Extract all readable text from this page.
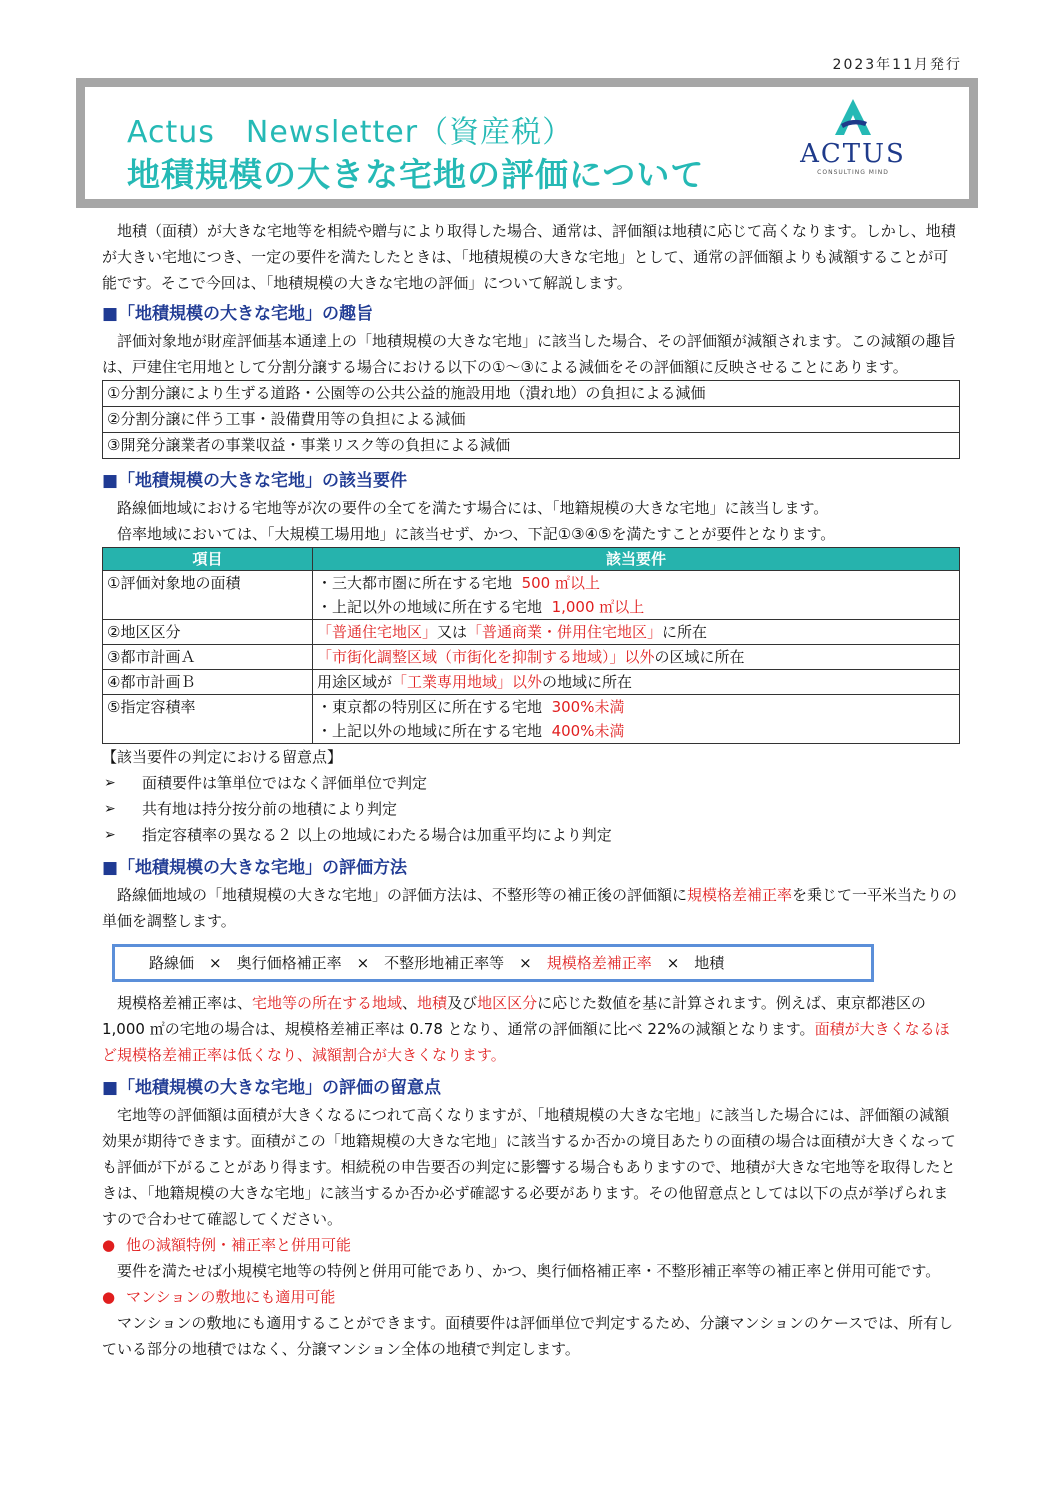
2023年11月発行
Actus　Newsletter（資産税）
地積規模の大きな宅地の評価について
ACTUS
CONSULTING MIND

地積（面積）が大きな宅地等を相続や贈与により取得した場合、通常は、評価額は地積に応じて高くなります。しかし、地積が大きい宅地につき、一定の要件を満たしたときは、「地積規模の大きな宅地」として、通常の評価額よりも減額することが可能です。そこで今回は、「地積規模の大きな宅地の評価」について解説します。

■「地積規模の大きな宅地」の趣旨

評価対象地が財産評価基本通達上の「地積規模の大きな宅地」に該当した場合、その評価額が減額されます。この減額の趣旨は、戸建住宅用地として分割分譲する場合における以下の①～③による減価をその評価額に反映させることにあります。

①分割分譲により生ずる道路・公園等の公共公益的施設用地（潰れ地）の負担による減価
②分割分譲に伴う工事・設備費用等の負担による減価
③開発分譲業者の事業収益・事業リスク等の負担による減価
■「地積規模の大きな宅地」の該当要件

路線価地域における宅地等が次の要件の全てを満たす場合には、「地籍規模の大きな宅地」に該当します。

倍率地域においては、「大規模工場用地」に該当せず、かつ、下記①③④⑤を満たすことが要件となります。

項目	該当要件
①評価対象地の面積	・三大都市圏に所在する宅地 500 ㎡以上
・上記以外の地域に所在する宅地 1,000 ㎡以上

②地区区分	「普通住宅地区」又は「普通商業・併用住宅地区」に所在
③都市計画Ａ	「市街化調整区域（市街化を抑制する地域）」以外の区域に所在
④都市計画Ｂ	用途区域が「工業専用地域」以外の地域に所在
⑤指定容積率	・東京都の特別区に所在する宅地 300%未満
・上記以外の地域に所在する宅地 400%未満

【該当要件の判定における留意点】

➢ 面積要件は筆単位ではなく評価単位で判定
➢ 共有地は持分按分前の地積により判定
➢ 指定容積率の異なる２ 以上の地域にわたる場合は加重平均により判定
■「地積規模の大きな宅地」の評価方法

路線価地域の「地積規模の大きな宅地」の評価方法は、不整形等の補正後の評価額に規模格差補正率を乗じて一平米当たりの単価を調整します。

路線価　×　奥行価格補正率　×　不整形地補正率等　×　規模格差補正率　×　地積

規模格差補正率は、宅地等の所在する地域、地積及び地区区分に応じた数値を基に計算されます。例えば、東京都港区の 1,000 ㎡の宅地の場合は、規模格差補正率は 0.78 となり、通常の評価額に比べ 22%の減額となります。面積が大きくなるほど規模格差補正率は低くなり、減額割合が大きくなります。

■「地積規模の大きな宅地」の評価の留意点

宅地等の評価額は面積が大きくなるにつれて高くなりますが、「地積規模の大きな宅地」に該当した場合には、評価額の減額効果が期待できます。面積がこの「地籍規模の大きな宅地」に該当するか否かの境目あたりの面積の場合は面積が大きくなっても評価が下がることがあり得ます。相続税の申告要否の判定に影響する場合もありますので、地積が大きな宅地等を取得したときは、「地籍規模の大きな宅地」に該当するか否か必ず確認する必要があります。その他留意点としては以下の点が挙げられますので合わせて確認してください。

● 他の減額特例・補正率と併用可能

要件を満たせば小規模宅地等の特例と併用可能であり、かつ、奥行価格補正率・不整形補正率等の補正率と併用可能です。

● マンションの敷地にも適用可能

マンションの敷地にも適用することができます。面積要件は評価単位で判定するため、分譲マンションのケースでは、所有している部分の地積ではなく、分譲マンション全体の地積で判定します。
